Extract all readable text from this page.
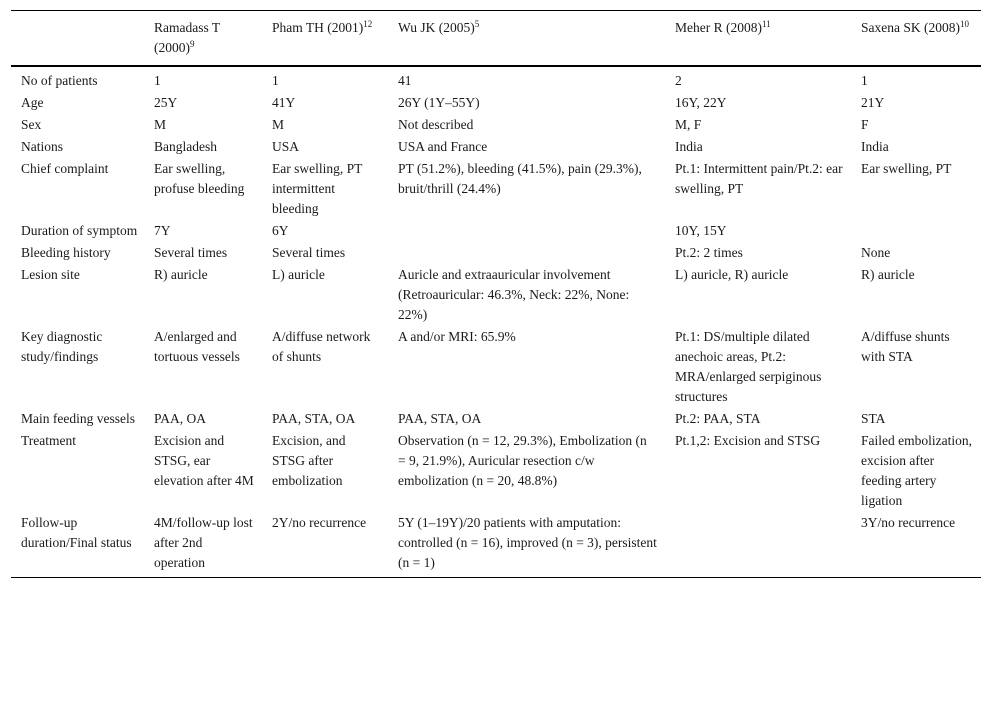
	Ramadass T $(2000)^9$	Pham TH $(2001)^{12}$	Wu JK $(2005)^5$	Meher R $(2008)^{11}$	Saxena SK $(2008)^{10}$
No of patients	1	1	41	2	1
Age	25Y	41Y	26Y (1Y–55Y)	16Y, 22Y	21Y
Sex	M	M	Not described	M, F	F
Nations	Bangladesh	USA	USA and France	India	India
Chief complaint	Ear swelling, profuse bleeding	Ear swelling, PT intermittent bleeding	PT (51.2%), bleeding (41.5%), pain (29.3%), bruit/thrill (24.4%)	Pt.1: Intermittent pain/Pt.2: ear swelling, PT	Ear swelling, PT
Duration of symptom	7Y	6Y		10Y, 15Y	
Bleeding history	Several times	Several times		Pt.2: 2 times	None
Lesion site	R) auricle	L) auricle	Auricle and extraauricular involvement (Retroauricular: 46.3%, Neck: 22%, None: 22%)	L) auricle, R) auricle	R) auricle
Key diagnostic study/findings	A/enlarged and tortuous vessels	A/diffuse network of shunts	A and/or MRI: 65.9%	Pt.1: DS/multiple dilated anechoic areas, Pt.2: MRA/enlarged serpiginous structures	A/diffuse shunts with STA
Main feeding vessels	PAA, OA	PAA, STA, OA	PAA, STA, OA	Pt.2: PAA, STA	STA
Treatment	Excision and STSG, ear elevation after 4M	Excision, and STSG after embolization	Observation (n = 12, 29.3%), Embolization (n = 9, 21.9%), Auricular resection c/w embolization (n = 20, 48.8%)	Pt.1,2: Excision and STSG	Failed embolization, excision after feeding artery ligation
Follow-up duration/Final status	4M/follow-up lost after 2nd operation	2Y/no recurrence	5Y (1–19Y)/20 patients with amputation: controlled (n = 16), improved (n = 3), persistent (n = 1)		3Y/no recurrence
